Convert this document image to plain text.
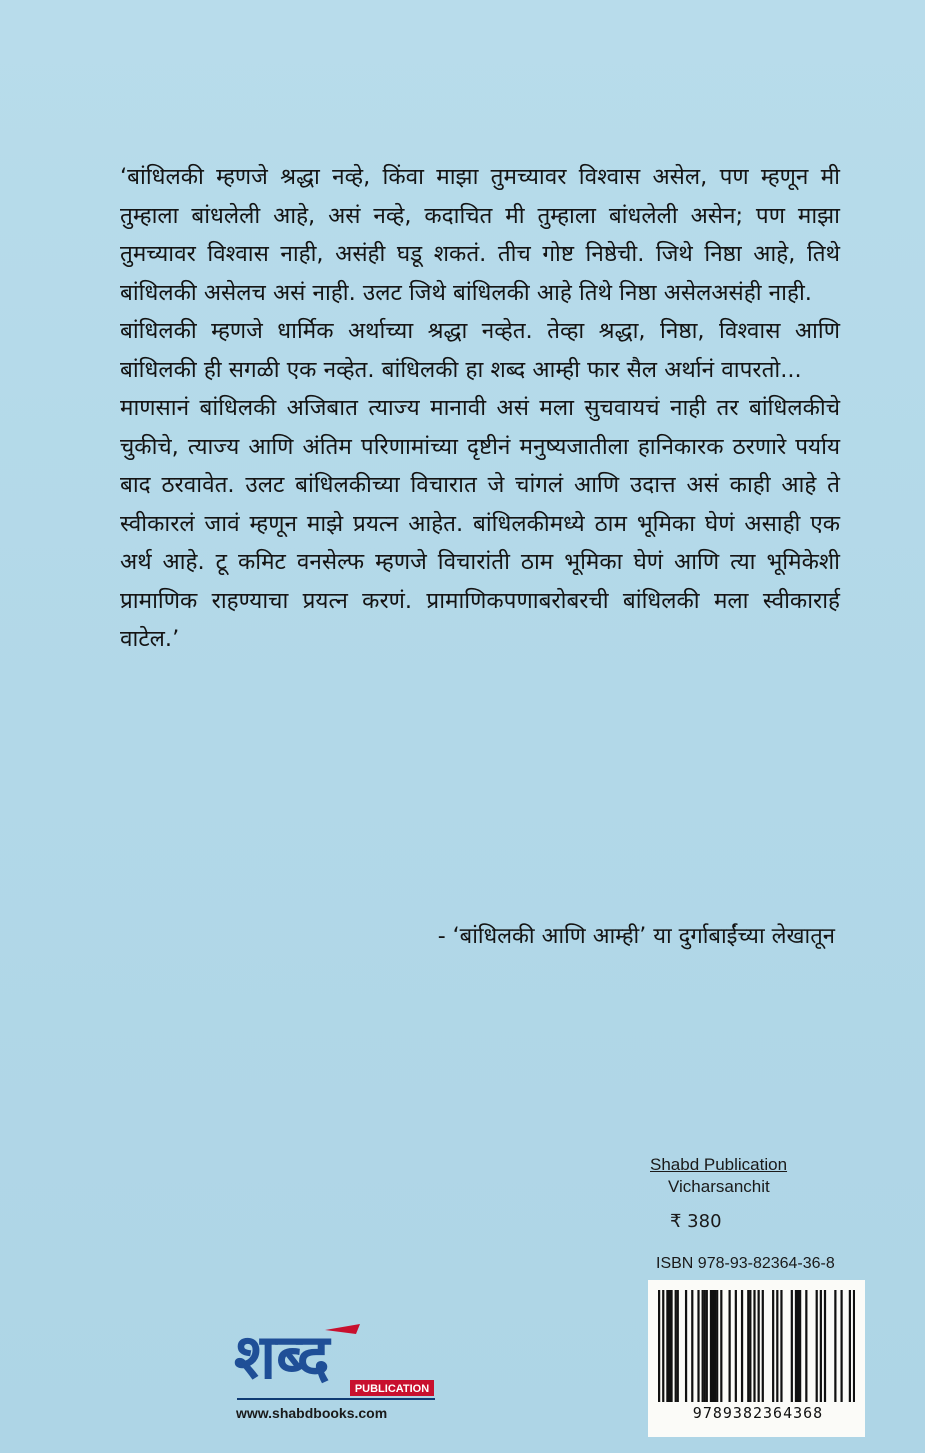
‘बांधिलकी म्हणजे श्रद्धा नव्हे, किंवा माझा तुमच्यावर विश्वास असेल, पण म्हणून मी तुम्हाला बांधलेली आहे, असं नव्हे, कदाचित मी तुम्हाला बांधलेली असेन; पण माझा तुमच्यावर विश्वास नाही, असंही घडू शकतं. तीच गोष्ट निष्ठेची. जिथे निष्ठा आहे, तिथे बांधिलकी असेलच असं नाही. उलट जिथे बांधिलकी आहे तिथे निष्ठा असेलअसंही नाही.

बांधिलकी म्हणजे धार्मिक अर्थाच्या श्रद्धा नव्हेत. तेव्हा श्रद्धा, निष्ठा, विश्वास आणि बांधिलकी ही सगळी एक नव्हेत. बांधिलकी हा शब्द आम्ही फार सैल अर्थानं वापरतो...

माणसानं बांधिलकी अजिबात त्याज्य मानावी असं मला सुचवायचं नाही तर बांधिलकीचे चुकीचे, त्याज्य आणि अंतिम परिणामांच्या दृष्टीनं मनुष्यजातीला हानिकारक ठरणारे पर्याय बाद ठरवावेत. उलट बांधिलकीच्या विचारात जे चांगलं आणि उदात्त असं काही आहे ते स्वीकारलं जावं म्हणून माझे प्रयत्न आहेत. बांधिलकीमध्ये ठाम भूमिका घेणं असाही एक अर्थ आहे. टू कमिट वनसेल्फ म्हणजे विचारांती ठाम भूमिका घेणं आणि त्या भूमिकेशी प्रामाणिक राहण्याचा प्रयत्न करणं. प्रामाणिकपणाबरोबरची बांधिलकी मला स्वीकारार्ह वाटेल.’

- ‘बांधिलकी आणि आम्ही’ या दुर्गाबाईंच्या लेखातून
Shabd Publication
Vicharsanchit
₹ 380
ISBN 978-93-82364-36-8
9789382364368
शब्द PUBLICATION
www.shabdbooks.com
